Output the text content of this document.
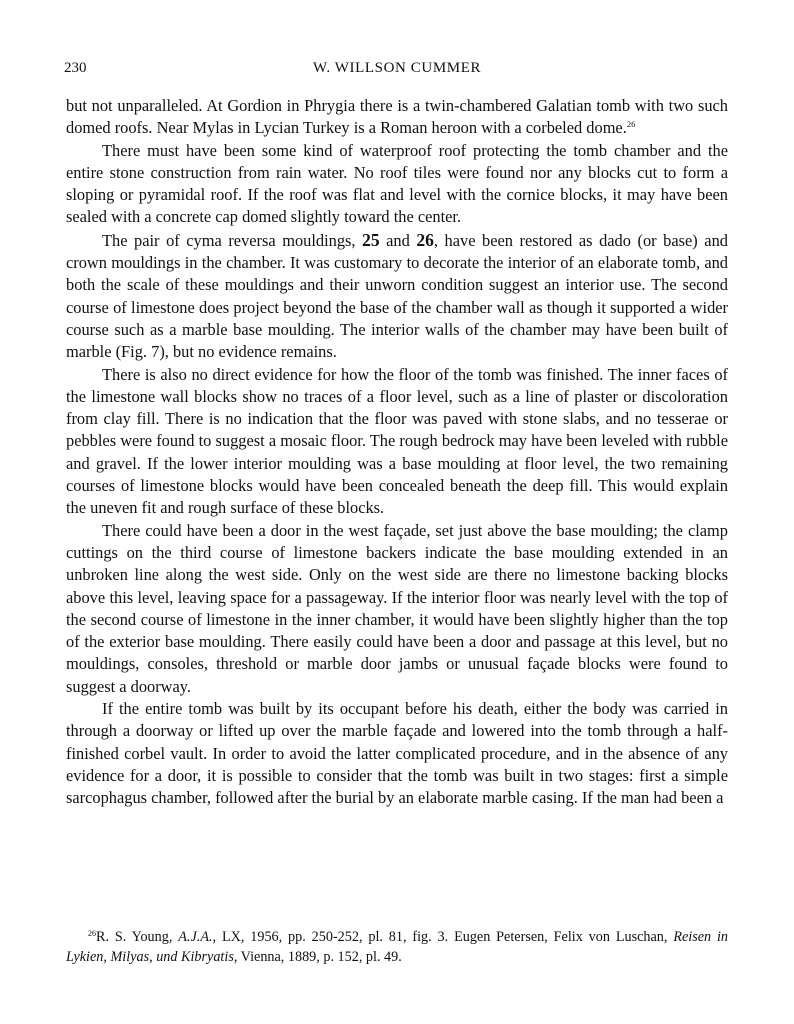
230	W. WILLSON CUMMER

but not unparalleled. At Gordion in Phrygia there is a twin-chambered Galatian tomb with two such domed roofs. Near Mylas in Lycian Turkey is a Roman heroon with a corbeled dome.$^{26}$

There must have been some kind of waterproof roof protecting the tomb chamber and the entire stone construction from rain water. No roof tiles were found nor any blocks cut to form a sloping or pyramidal roof. If the roof was flat and level with the cornice blocks, it may have been sealed with a concrete cap domed slightly toward the center.

The pair of cyma reversa mouldings, 25 and 26, have been restored as dado (or base) and crown mouldings in the chamber. It was customary to decorate the interior of an elaborate tomb, and both the scale of these mouldings and their unworn condition suggest an interior use. The second course of limestone does project beyond the base of the chamber wall as though it supported a wider course such as a marble base moulding. The interior walls of the chamber may have been built of marble (Fig. 7), but no evidence remains.

There is also no direct evidence for how the floor of the tomb was finished. The inner faces of the limestone wall blocks show no traces of a floor level, such as a line of plaster or discoloration from clay fill. There is no indication that the floor was paved with stone slabs, and no tesserae or pebbles were found to suggest a mosaic floor. The rough bedrock may have been leveled with rubble and gravel. If the lower interior moulding was a base moulding at floor level, the two remaining courses of limestone blocks would have been concealed beneath the deep fill. This would explain the uneven fit and rough surface of these blocks.

There could have been a door in the west façade, set just above the base moulding; the clamp cuttings on the third course of limestone backers indicate the base moulding extended in an unbroken line along the west side. Only on the west side are there no limestone backing blocks above this level, leaving space for a passageway. If the interior floor was nearly level with the top of the second course of limestone in the inner chamber, it would have been slightly higher than the top of the exterior base moulding. There easily could have been a door and passage at this level, but no mouldings, consoles, threshold or marble door jambs or unusual façade blocks were found to suggest a doorway.

If the entire tomb was built by its occupant before his death, either the body was carried in through a doorway or lifted up over the marble façade and lowered into the tomb through a half-finished corbel vault. In order to avoid the latter complicated procedure, and in the absence of any evidence for a door, it is possible to consider that the tomb was built in two stages: first a simple sarcophagus chamber, followed after the burial by an elaborate marble casing. If the man had been a

$^{26}$R. S. Young, A.J.A., LX, 1956, pp. 250-252, pl. 81, fig. 3. Eugen Petersen, Felix von Luschan, Reisen in Lykien, Milyas, und Kibryatis, Vienna, 1889, p. 152, pl. 49.
